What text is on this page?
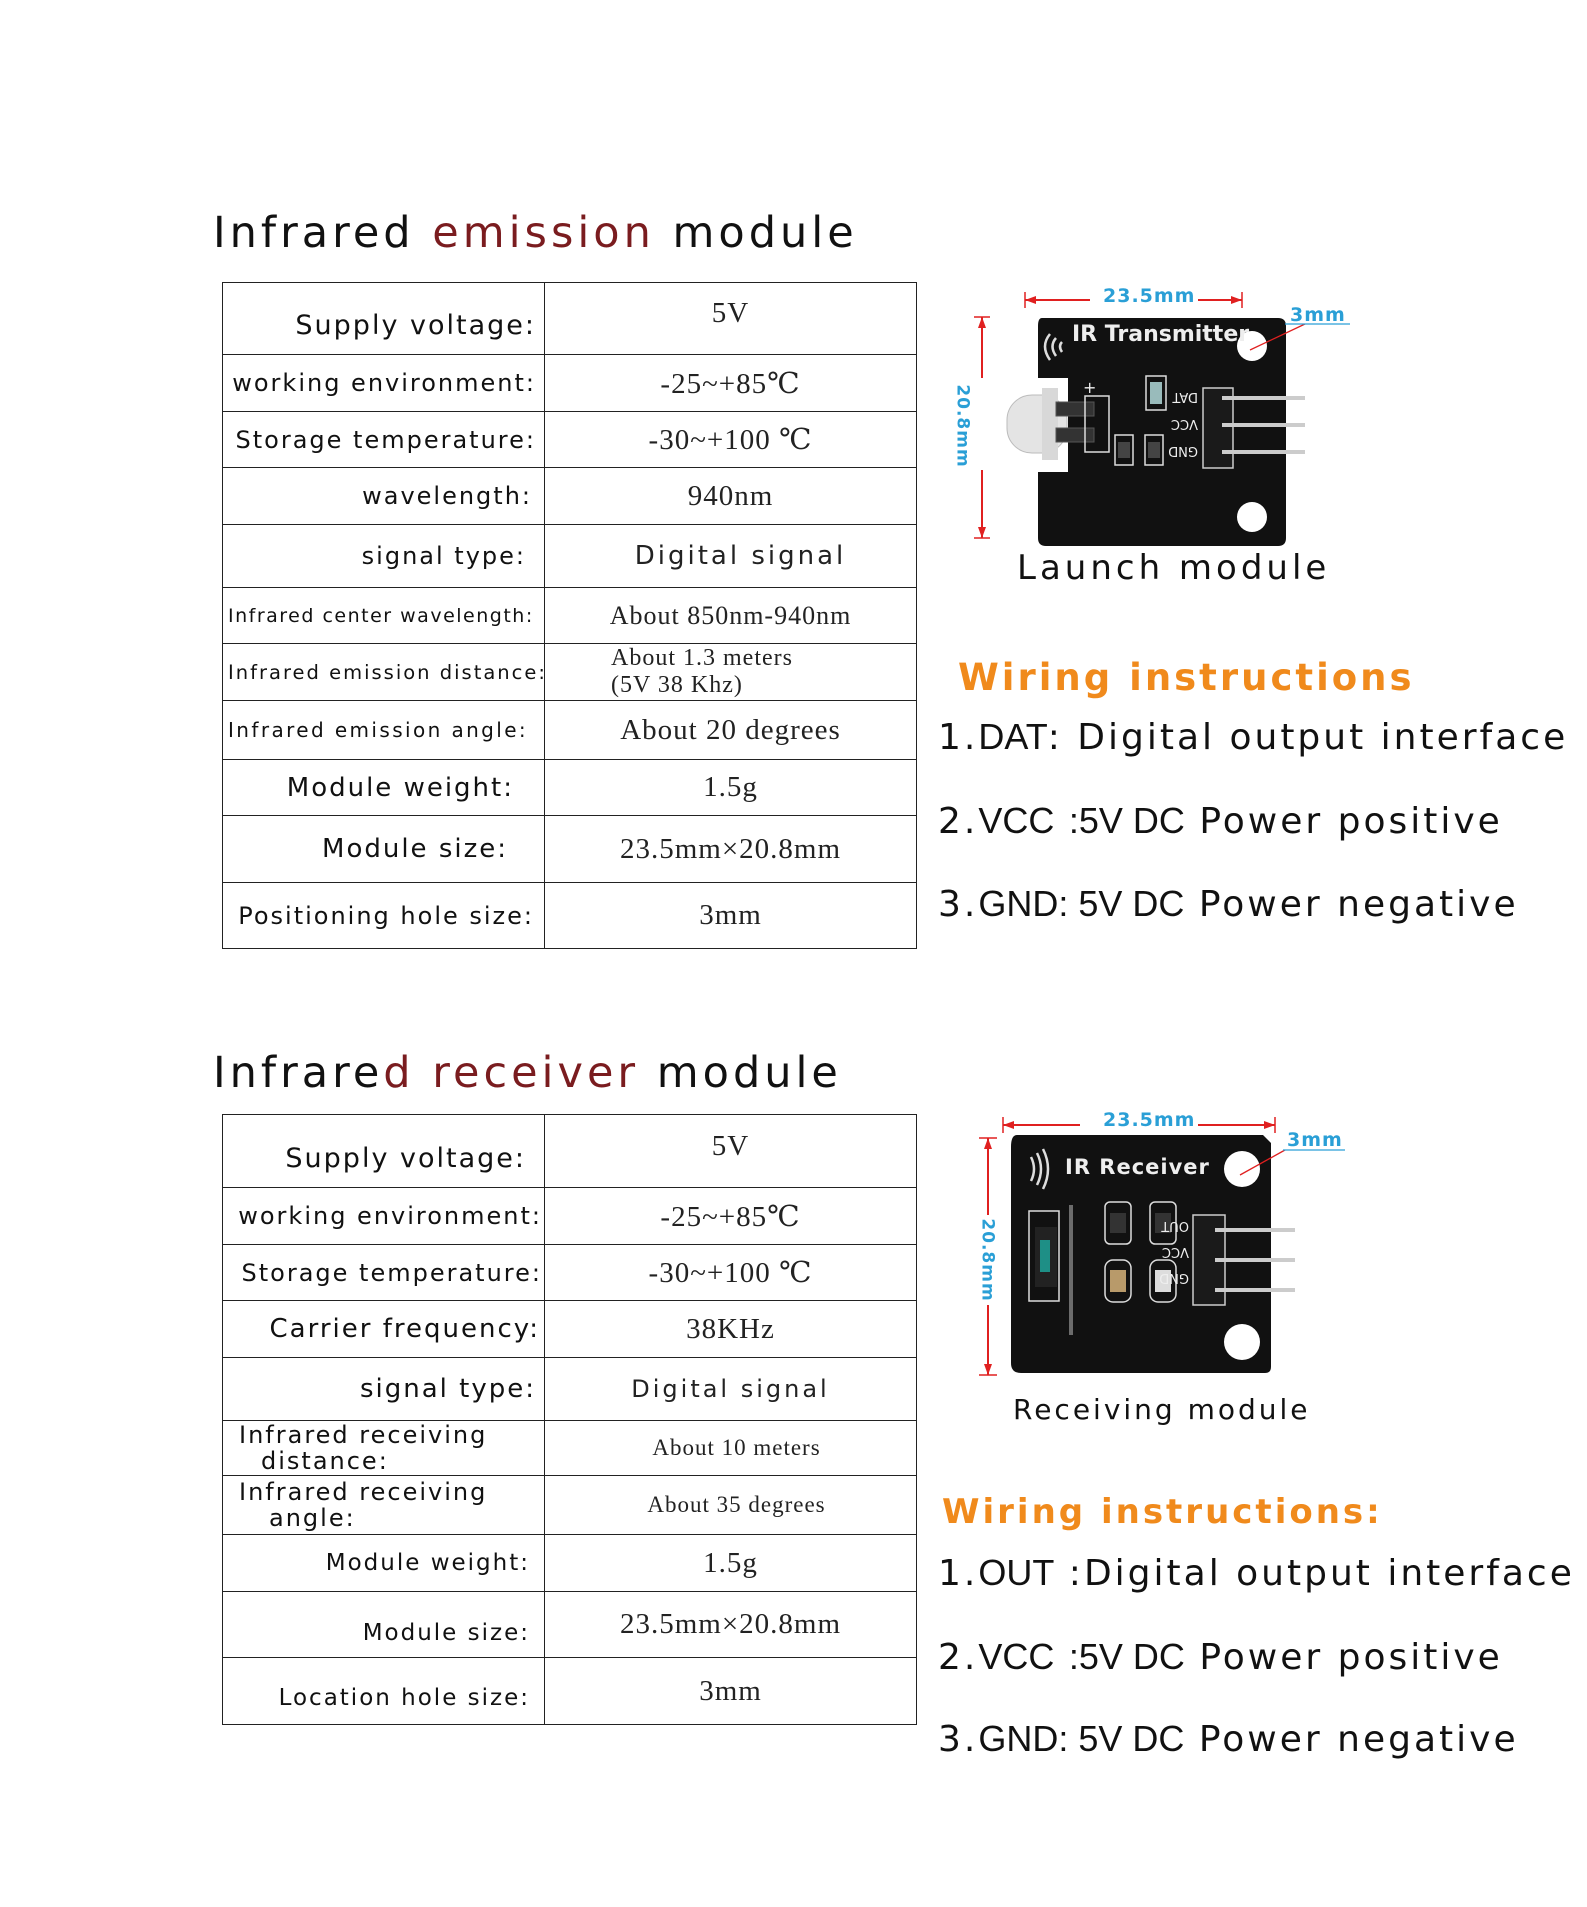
Infrared emission module
Supply voltage:	5V
working environment:	-25~+85℃
Storage temperature:	-30~+100 ℃
wavelength:	940nm
signal type:	Digital signal
Infrared center wavelength:	About 850nm-940nm
Infrared emission distance:	About 1.3 meters
(5V 38 Khz)

Infrared emission angle:	About 20 degrees
Module weight:	1.5g
Module size:	23.5mm×20.8mm
Positioning hole size:	3mm
+	DAT
VCC
GND
23.5mm
3mm
20.8mm
IR Transmitter
Launch module
Wiring instructions
1.DAT: Digital output interface
2.VCC :5V DC Power positive
3.GND: 5V DC Power negative
Infrared receiver module
Supply voltage:	5V
working environment:	-25~+85℃
Storage temperature:	-30~+100 ℃
Carrier frequency:	38KHz
signal type:	Digital signal
Infrared receiving
distance:	About 10 meters
Infrared receiving
angle:	About 35 degrees
Module weight:	1.5g
Module size:	23.5mm×20.8mm
Location hole size:	3mm
OUT
VCC
GND
23.5mm
3mm
20.8mm
IR Receiver
Receiving module
Wiring instructions:
1.OUT :Digital output interface
2.VCC :5V DC Power positive
3.GND: 5V DC Power negative
